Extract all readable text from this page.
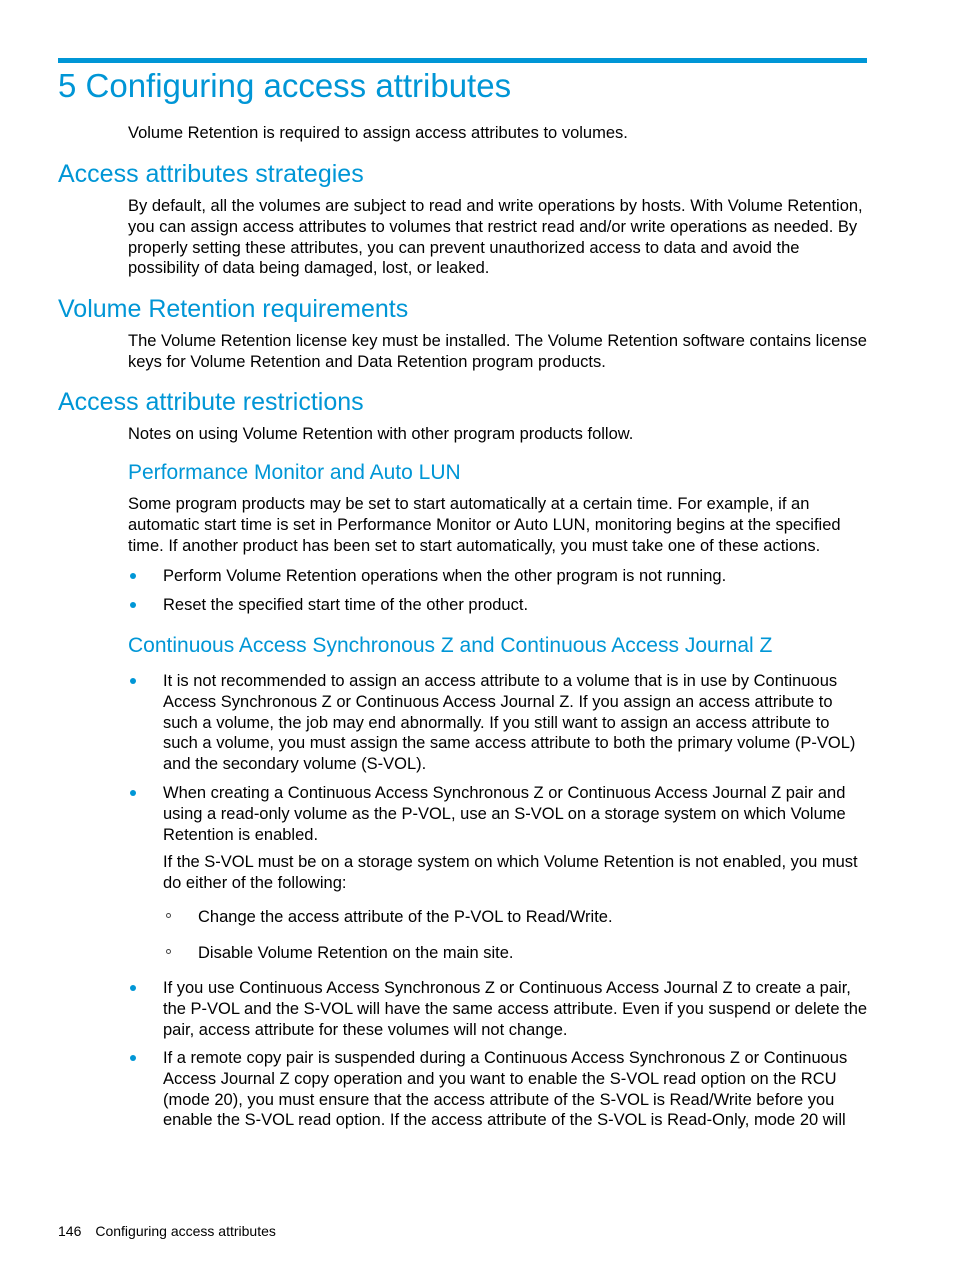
5 Configuring access attributes

Volume Retention is required to assign access attributes to volumes.

Access attributes strategies

By default, all the volumes are subject to read and write operations by hosts. With Volume Retention, you can assign access attributes to volumes that restrict read and/or write operations as needed. By properly setting these attributes, you can prevent unauthorized access to data and avoid the possibility of data being damaged, lost, or leaked.

Volume Retention requirements

The Volume Retention license key must be installed. The Volume Retention software contains license keys for Volume Retention and Data Retention program products.

Access attribute restrictions

Notes on using Volume Retention with other program products follow.

Performance Monitor and Auto LUN

Some program products may be set to start automatically at a certain time. For example, if an automatic start time is set in Performance Monitor or Auto LUN, monitoring begins at the specified time. If another product has been set to start automatically, you must take one of these actions.

Perform Volume Retention operations when the other program is not running.
Reset the specified start time of the other product.
Continuous Access Synchronous Z and Continuous Access Journal Z
It is not recommended to assign an access attribute to a volume that is in use by Continuous Access Synchronous Z or Continuous Access Journal Z. If you assign an access attribute to such a volume, the job may end abnormally. If you still want to assign an access attribute to such a volume, you must assign the same access attribute to both the primary volume (P-VOL) and the secondary volume (S-VOL).
When creating a Continuous Access Synchronous Z or Continuous Access Journal Z pair and using a read-only volume as the P-VOL, use an S-VOL on a storage system on which Volume Retention is enabled.

If the S-VOL must be on a storage system on which Volume Retention is not enabled, you must do either of the following:

Change the access attribute of the P-VOL to Read/Write.
Disable Volume Retention on the main site.
If you use Continuous Access Synchronous Z or Continuous Access Journal Z to create a pair, the P-VOL and the S-VOL will have the same access attribute. Even if you suspend or delete the pair, access attribute for these volumes will not change.
If a remote copy pair is suspended during a Continuous Access Synchronous Z or Continuous Access Journal Z copy operation and you want to enable the S-VOL read option on the RCU (mode 20), you must ensure that the access attribute of the S-VOL is Read/Write before you enable the S-VOL read option. If the access attribute of the S-VOL is Read-Only, mode 20 will
146 Configuring access attributes
